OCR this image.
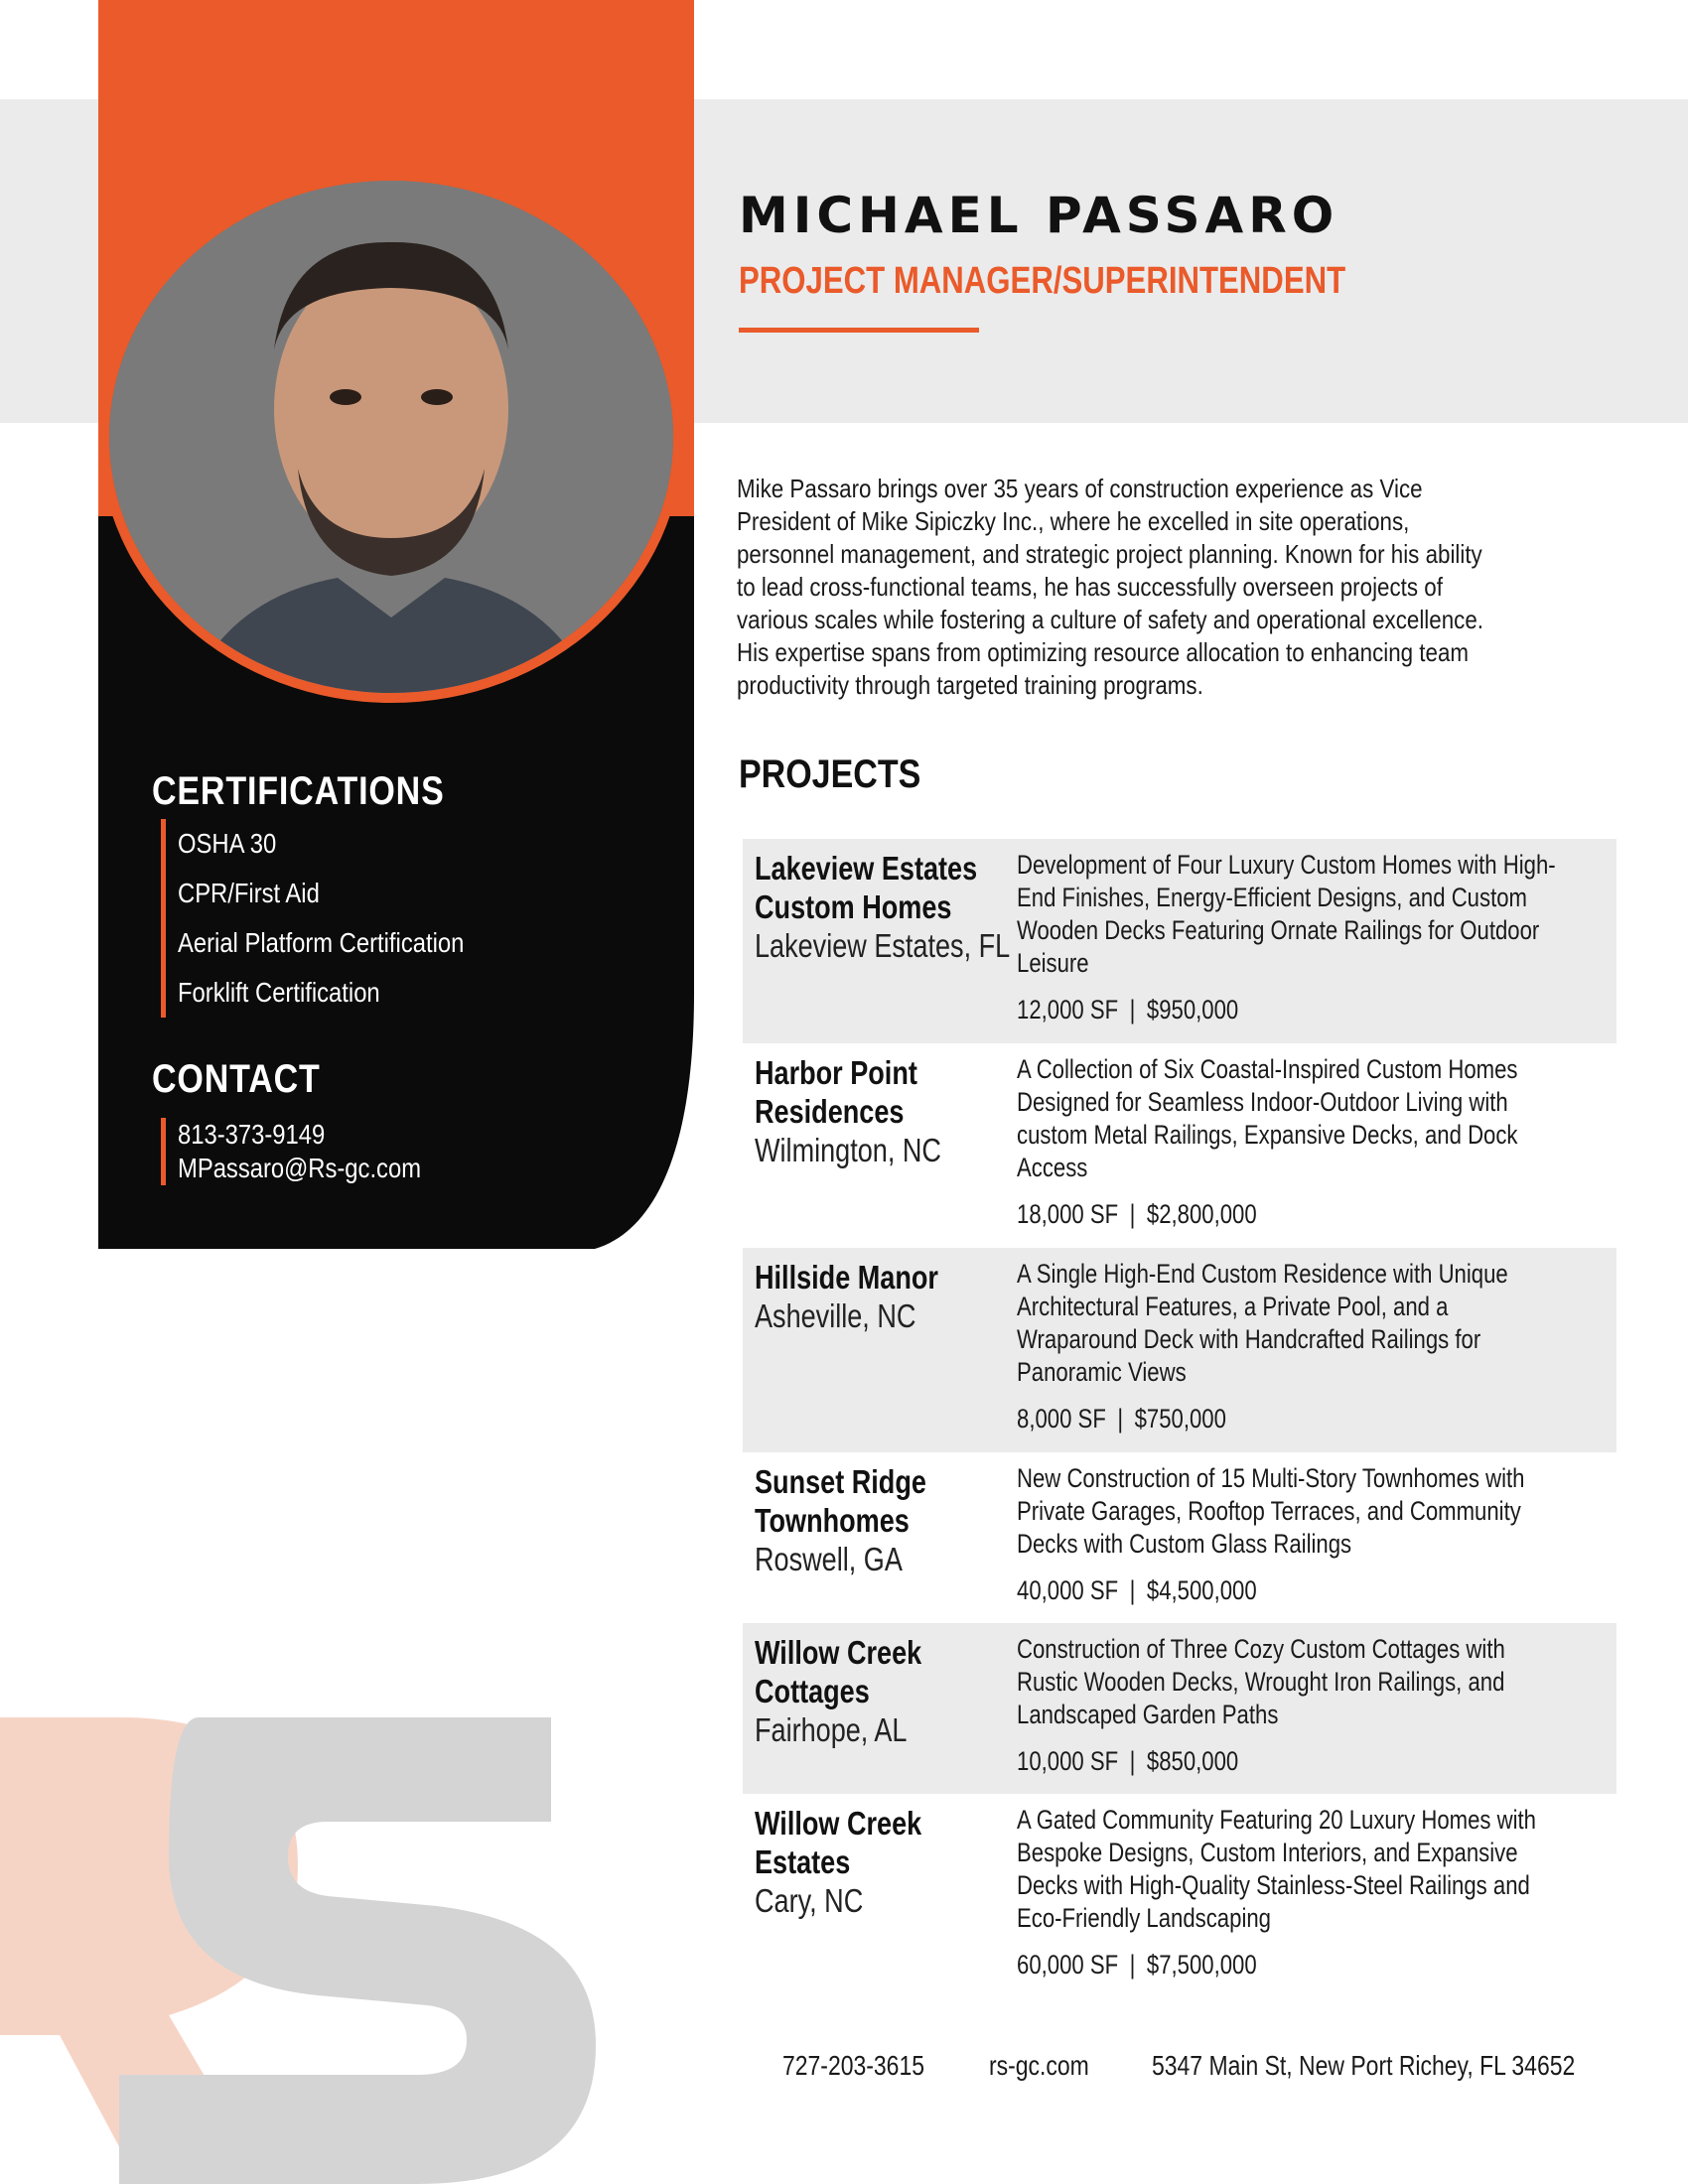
CERTIFICATIONS
OSHA 30
CPR/First Aid
Aerial Platform Certification
Forklift Certification
CONTACT
813-373-9149
MPassaro@Rs-gc.com
MICHAEL PASSARO
PROJECT MANAGER/SUPERINTENDENT
Mike Passaro brings over 35 years of construction experience as Vice President of Mike Sipiczky Inc., where he excelled in site operations, personnel management, and strategic project planning. Known for his ability to lead cross-functional teams, he has successfully overseen projects of various scales while fostering a culture of safety and operational excellence. His expertise spans from optimizing resource allocation to enhancing team productivity through targeted training programs.
PROJECTS
Lakeview Estates
Custom Homes
Lakeview Estates, FL
Development of Four Luxury Custom Homes with High-End Finishes, Energy-Efficient Designs, and Custom Wooden Decks Featuring Ornate Railings for Outdoor Leisure
12,000 SF | $950,000
Harbor Point
Residences
Wilmington, NC
A Collection of Six Coastal-Inspired Custom Homes Designed for Seamless Indoor-Outdoor Living with custom Metal Railings, Expansive Decks, and Dock Access
18,000 SF | $2,800,000
Hillside Manor
Asheville, NC
A Single High-End Custom Residence with Unique Architectural Features, a Private Pool, and a Wraparound Deck with Handcrafted Railings for Panoramic Views
8,000 SF | $750,000
Sunset Ridge
Townhomes
Roswell, GA
New Construction of 15 Multi-Story Townhomes with Private Garages, Rooftop Terraces, and Community Decks with Custom Glass Railings
40,000 SF | $4,500,000
Willow Creek
Cottages
Fairhope, AL
Construction of Three Cozy Custom Cottages with Rustic Wooden Decks, Wrought Iron Railings, and Landscaped Garden Paths
10,000 SF | $850,000
Willow Creek
Estates
Cary, NC
A Gated Community Featuring 20 Luxury Homes with Bespoke Designs, Custom Interiors, and Expansive Decks with High-Quality Stainless-Steel Railings and Eco-Friendly Landscaping
60,000 SF | $7,500,000
727-203-3615 rs-gc.com 5347 Main St, New Port Richey, FL 34652
